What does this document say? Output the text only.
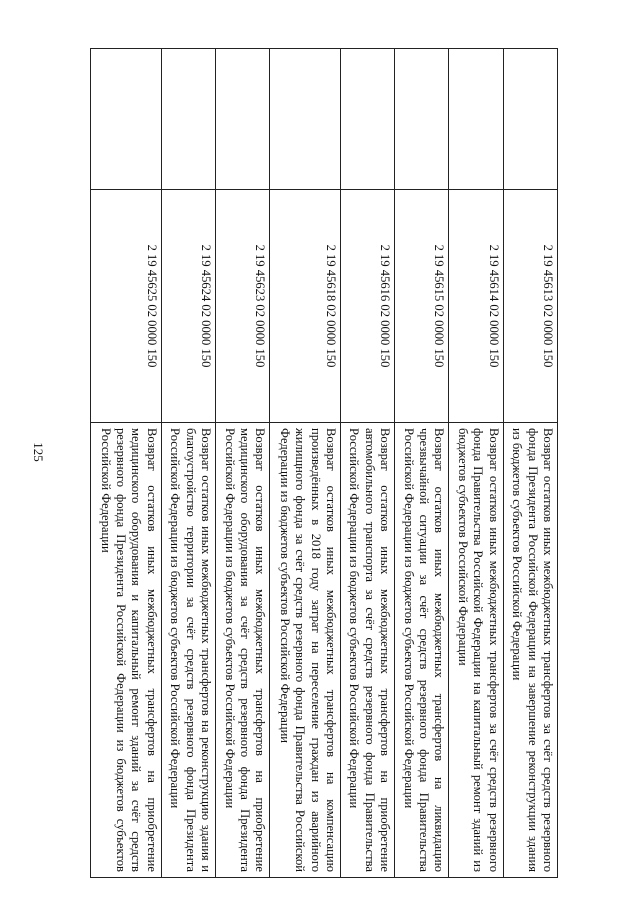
125
	2 19 45613 02 0000 150	Возврат остатков иных межбюджетных трансфертов за счёт средств резервного фонда Президента Российской Федерации на завершение реконструкции здания из бюджетов субъектов Российской Федерации
	2 19 45614 02 0000 150	Возврат остатков иных межбюджетных трансфертов за счёт средств резервного фонда Правительства Российской Федерации на капитальный ремонт зданий из бюджетов субъектов Российской Федерации
	2 19 45615 02 0000 150	Возврат остатков иных межбюджетных трансфертов на ликвидацию чрезвычайной ситуации за счёт средств резервного фонда Правительства Российской Федерации из бюджетов субъектов Российской Федерации
	2 19 45616 02 0000 150	Возврат остатков иных межбюджетных трансфертов на приобретение автомобильного транспорта за счёт средств резервного фонда Правительства Российской Федерации из бюджетов субъектов Российской Федерации
	2 19 45618 02 0000 150	Возврат остатков иных межбюджетных трансфертов на компенсацию произведённых в 2018 году затрат на переселение граждан из аварийного жилищного фонда за счёт средств резервного фонда Правительства Российской Федерации из бюджетов субъектов Российской Федерации
	2 19 45623 02 0000 150	Возврат остатков иных межбюджетных трансфертов на приобретение медицинского оборудования за счёт средств резервного фонда Президента Российской Федерации из бюджетов субъектов Российской Федерации
	2 19 45624 02 0000 150	Возврат остатков иных межбюджетных трансфертов на реконструкцию здания и благоустройство территории за счёт средств резервного фонда Президента Российской Федерации из бюджетов субъектов Российской Федерации
	2 19 45625 02 0000 150	Возврат остатков иных межбюджетных трансфертов на приобретение медицинского оборудования и капитальный ремонт зданий за счёт средств резервного фонда Президента Российской Федерации из бюджетов субъектов Российской Федерации
